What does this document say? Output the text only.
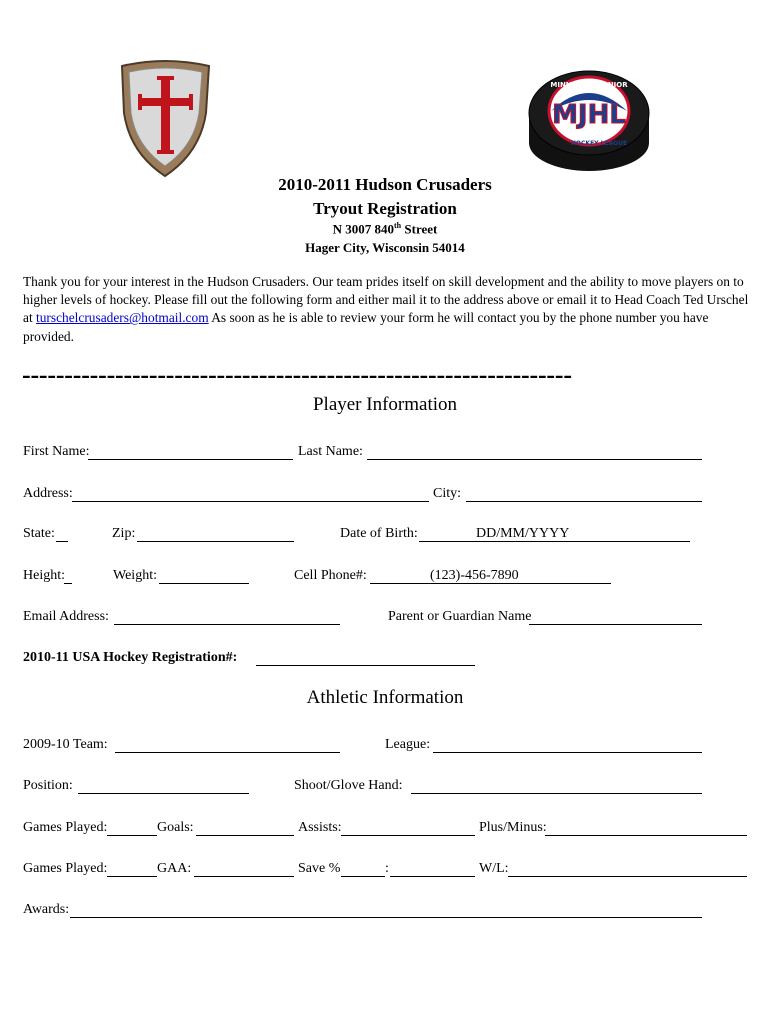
MINNESOTA JUNIOR
MJHL
HOCKEY LEAGUE
2010-2011 Hudson Crusaders
Tryout Registration
N 3007 840th Street
Hager City, Wisconsin 54014
Thank you for your interest in the Hudson Crusaders. Our team prides itself on skill development and the ability to move players on to higher levels of hockey. Please fill out the following form and either mail it to the address above or email it to Head Coach Ted Urschel at turschelcrusaders@hotmail.com As soon as he is able to review your form he will contact you by the phone number you have provided.
-----------------------------------------------------------------
Player Information
First Name:	Last Name:
Address:	City:
State:	Zip:	Date of Birth:	DD/MM/YYYY
Height:	Weight:	Cell Phone#:	(123)-456-7890
Email Address:	Parent or Guardian Name
2010-11 USA Hockey Registration#:
Athletic Information
2009-10 Team:	League:
Position:	Shoot/Glove Hand:
Games Played:	Goals:	Assists:	Plus/Minus:
Games Played:	GAA:	Save %	:	W/L:
Awards:
